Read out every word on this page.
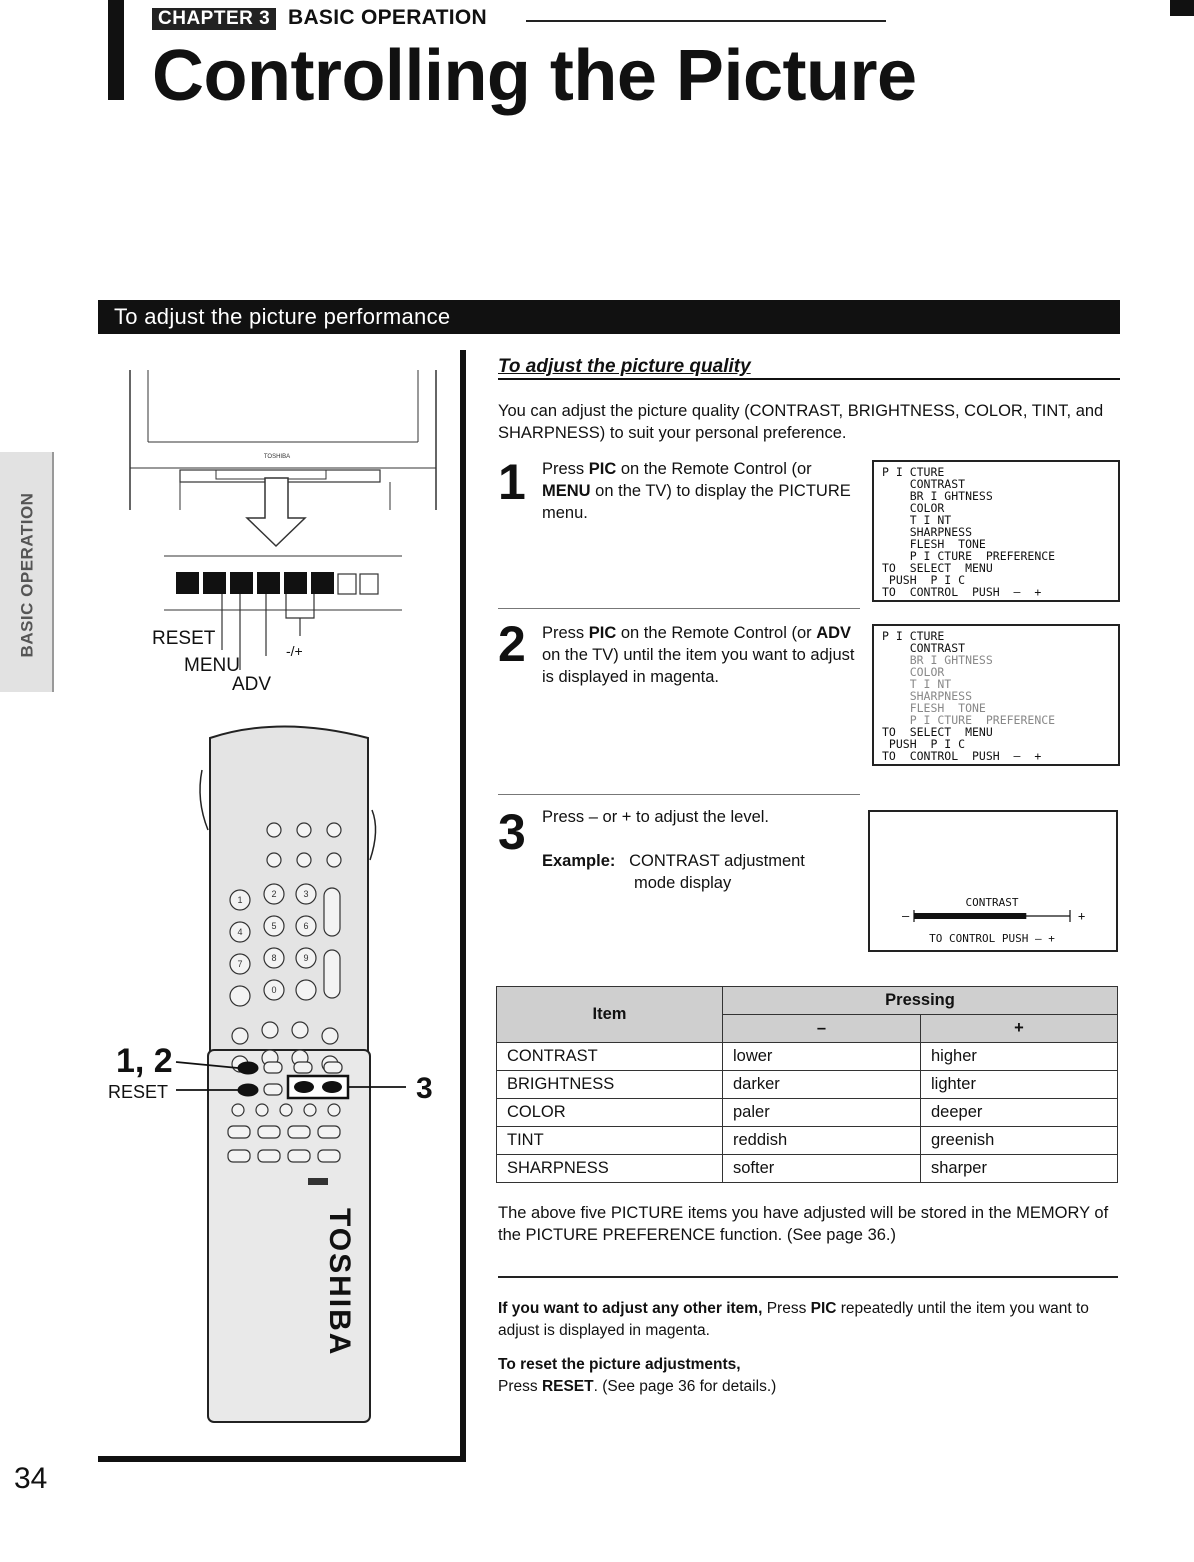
CHAPTER 3 BASIC OPERATION
Controlling the Picture
To adjust the picture performance
BASIC OPERATION
TOSHIBA
RESET
MENU
ADV
-/+
1
2	3
4
5	6
7
8	9
0
TOSHIBA
1, 2
RESET	3
To adjust the picture quality
You can adjust the picture quality (CONTRAST, BRIGHTNESS, COLOR, TINT, and SHARPNESS) to suit your personal preference.
1 Press PIC on the Remote Control (or MENU on the TV) to display the PICTURE menu.
P I CTURE
CONTRAST
BR I GHTNESS
COLOR
T I NT
SHARPNESS
FLESH  TONE
P I CTURE  PREFERENCE
TO  SELECT  MENU
PUSH  P I C
TO  CONTROL  PUSH  –  +
2 Press PIC on the Remote Control (or ADV on the TV) until the item you want to adjust is displayed in magenta.
P I CTURE
CONTRAST
BR I GHTNESS
COLOR
T I NT
SHARPNESS
FLESH  TONE
P I CTURE  PREFERENCE
TO  SELECT  MENU
PUSH  P I C
TO  CONTROL  PUSH  –  +
3 Press – or + to adjust the level.
Example: CONTRAST adjustment
mode display
CONTRAST
–	+
TO CONTROL PUSH – +
Item	Pressing	
	–	+
CONTRAST	lower	higher
BRIGHTNESS	darker	lighter
COLOR	paler	deeper
TINT	reddish	greenish
SHARPNESS	softer	sharper
The above five PICTURE items you have adjusted will be stored in the MEMORY of the PICTURE PREFERENCE function. (See page 36.)
If you want to adjust any other item, Press PIC repeatedly until the item you want to adjust is displayed in magenta.
To reset the picture adjustments,
Press RESET. (See page 36 for details.)
34
